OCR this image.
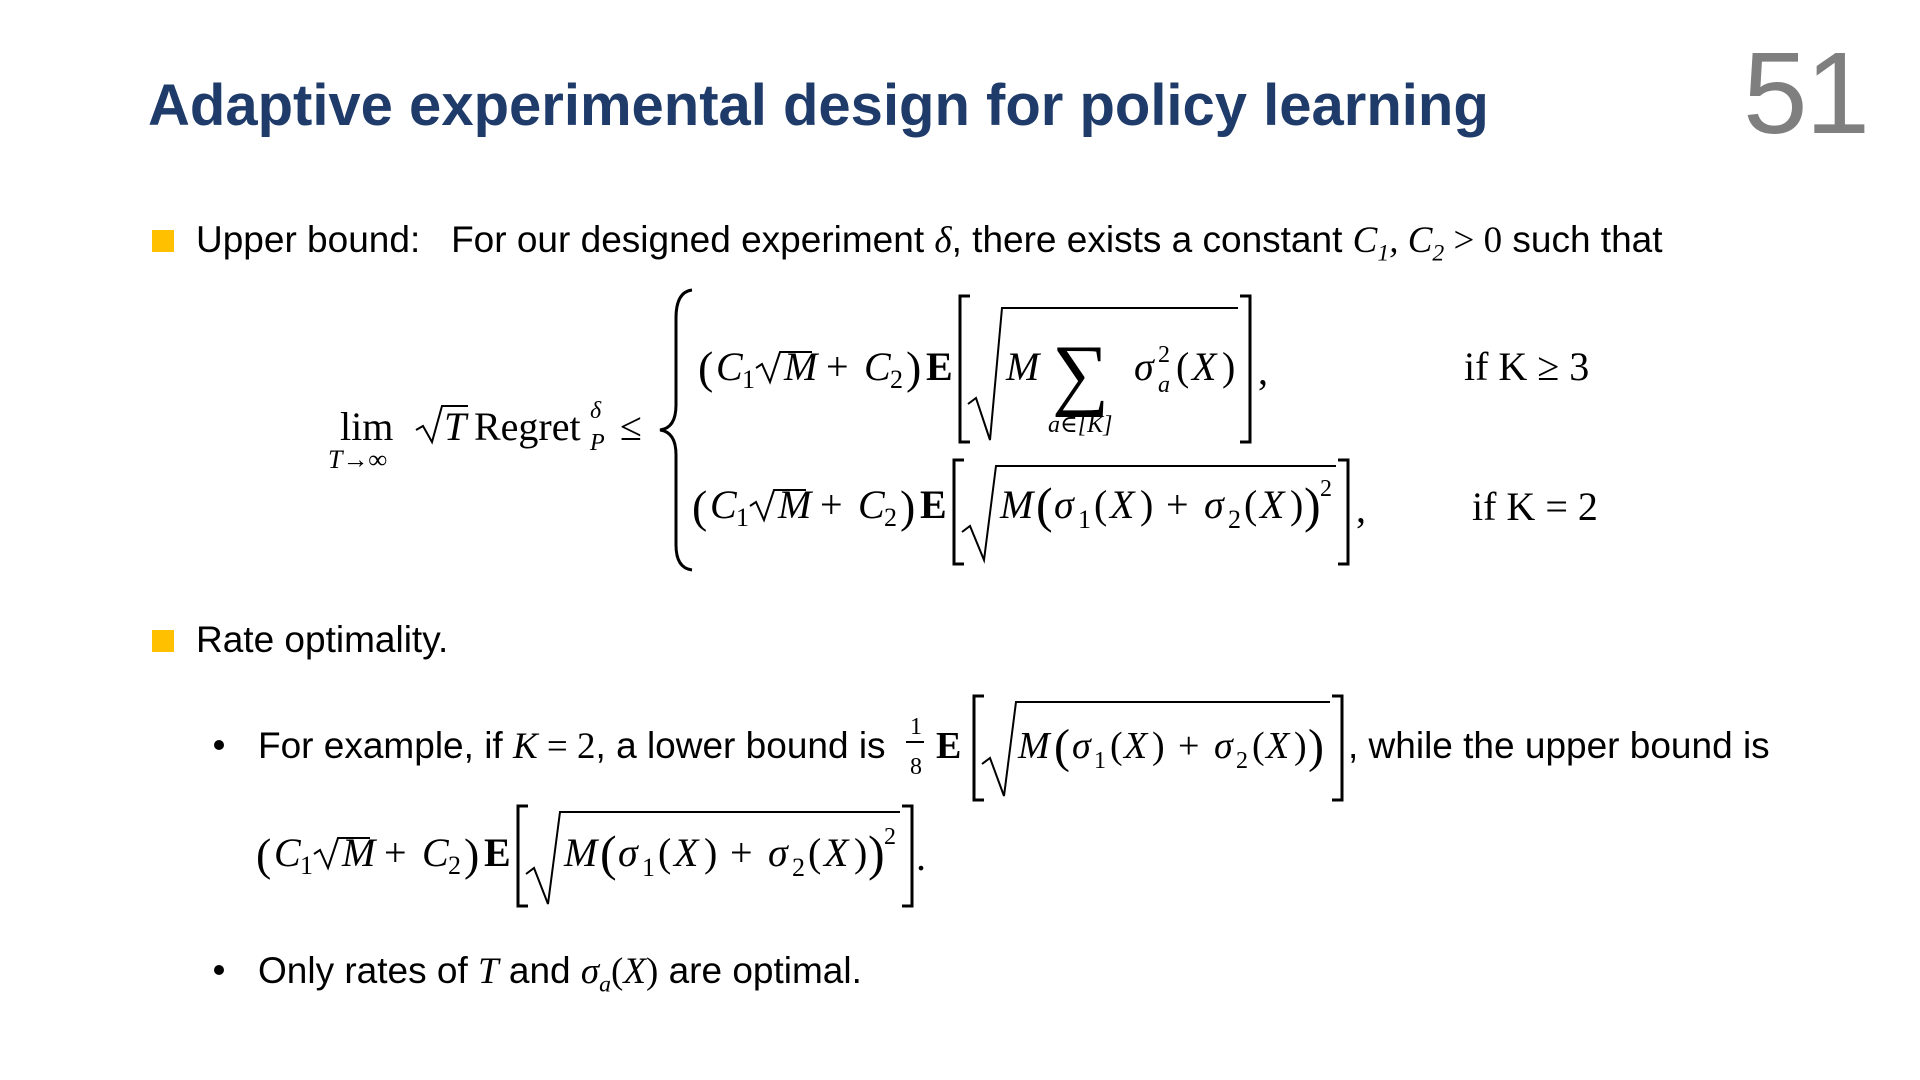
Adaptive experimental design for policy learning 51
Upper bound: For our designed experiment δ, there exists a constant $C_1$, $C_2 > 0$ such that
lim
T→∞
T Regret δ
P ≤
( C 1 M + C 2 ) E M ∑
a∈[K]
σ 2
a ( X ) ,	if K ≥ 3
( C 1 M + C 2 ) E M ( σ 1 ( X ) + σ 2 ( X ) ) 2 ,	if K = 2
Rate optimality.
For example, if K = 2, a lower bound is 1
8 E M ( σ 1 ( X ) + σ 2 ( X ) ) , while the upper bound is
( C 1 M + C 2 ) E M ( σ 1 ( X ) + σ 2 ( X ) ) 2 .
Only rates of T and $\sigma_a(X)$ are optimal.
